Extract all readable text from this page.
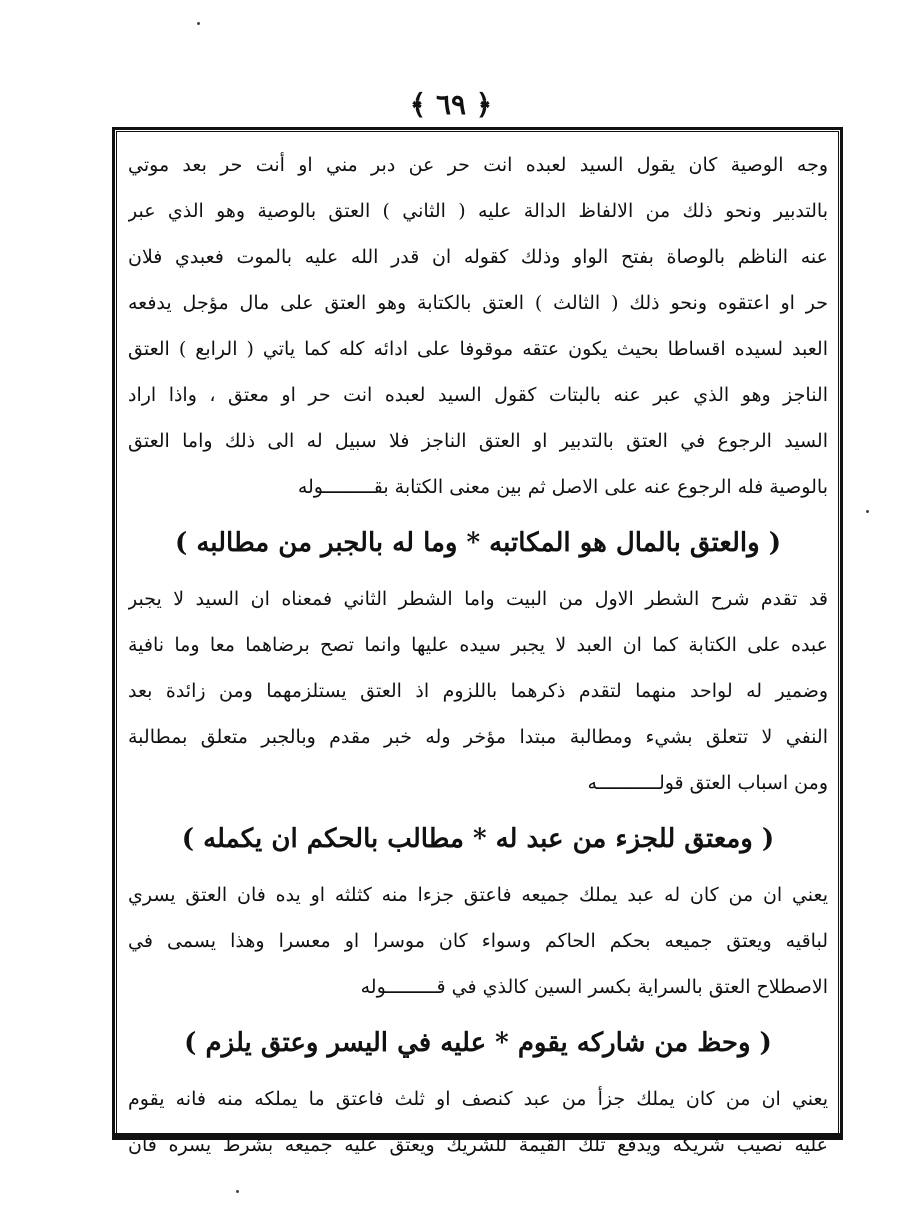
﴿ ٦٩ ﴾
وجه الوصية كان يقول السيد لعبده انت حر عن دبر مني او أنت حر بعد موتي
بالتدبير ونحو ذلك من الالفاظ الدالة عليه ( الثاني ) العتق بالوصية وهو الذي عبر
عنه الناظم بالوصاة بفتح الواو وذلك كقوله ان قدر الله عليه بالموت فعبدي فلان
حر او اعتقوه ونحو ذلك ( الثالث ) العتق بالكتابة وهو العتق على مال مؤجل يدفعه
العبد لسيده اقساطا بحيث يكون عتقه موقوفا على ادائه كله كما ياتي ( الرابع ) العتق
الناجز وهو الذي عبر عنه بالبتات كقول السيد لعبده انت حر او معتق ، واذا اراد
السيد الرجوع في العتق بالتدبير او العتق الناجز فلا سبيل له الى ذلك واما العتق
بالوصية فله الرجوع عنه على الاصل ثم بين معنى الكتابة بقـــــــــوله
( والعتق بالمال هو المكاتبه * وما له بالجبر من مطالبه )
قد تقدم شرح الشطر الاول من البيت واما الشطر الثاني فمعناه ان السيد لا يجبر
عبده على الكتابة كما ان العبد لا يجبر سيده عليها وانما تصح برضاهما معا وما نافية
وضمير له لواحد منهما لتقدم ذكرهما باللزوم اذ العتق يستلزمهما ومن زائدة بعد
النفي لا تتعلق بشيء ومطالبة مبتدا مؤخر وله خبر مقدم وبالجبر متعلق بمطالبة
ومن اسباب العتق قولـــــــــــه
( ومعتق للجزء من عبد له * مطالب بالحكم ان يكمله )
يعني ان من كان له عبد يملك جميعه فاعتق جزءا منه كثلثه او يده فان العتق يسري
لباقيه ويعتق جميعه بحكم الحاكم وسواء كان موسرا او معسرا وهذا يسمى في
الاصطلاح العتق بالسراية بكسر السين كالذي في قـــــــــوله
( وحظ من شاركه يقوم * عليه في اليسر وعتق يلزم )
يعني ان من كان يملك جزأ من عبد كنصف او ثلث فاعتق ما يملكه منه فانه يقوم
عليه نصيب شريكه ويدفع تلك القيمة للشريك ويعتق عليه جميعه بشرط يسره فان
